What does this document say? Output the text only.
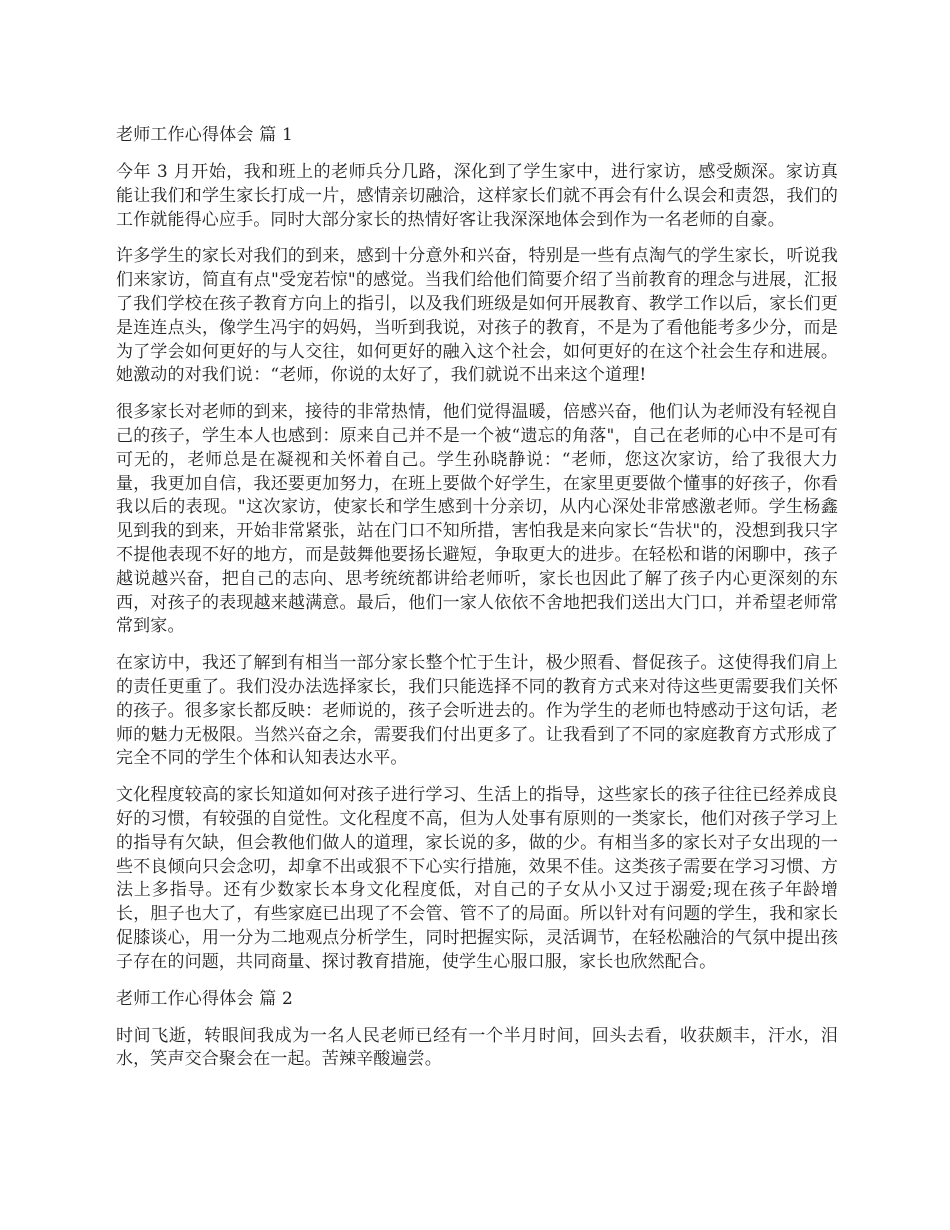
老师工作心得体会 篇 1

今年 3 月开始，我和班上的老师兵分几路，深化到了学生家中，进行家访，感受颇深。家访真能让我们和学生家长打成一片，感情亲切融洽，这样家长们就不再会有什么误会和责怨，我们的工作就能得心应手。同时大部分家长的热情好客让我深深地体会到作为一名老师的自豪。

许多学生的家长对我们的到来，感到十分意外和兴奋，特别是一些有点淘气的学生家长，听说我们来家访，简直有点"受宠若惊"的感觉。当我们给他们简要介绍了当前教育的理念与进展，汇报了我们学校在孩子教育方向上的指引，以及我们班级是如何开展教育、教学工作以后，家长们更是连连点头，像学生冯宇的妈妈，当听到我说，对孩子的教育，不是为了看他能考多少分，而是为了学会如何更好的与人交往，如何更好的融入这个社会，如何更好的在这个社会生存和进展。她激动的对我们说：“老师，你说的太好了，我们就说不出来这个道理!

很多家长对老师的到来，接待的非常热情，他们觉得温暖，倍感兴奋，他们认为老师没有轻视自己的孩子，学生本人也感到：原来自己并不是一个被“遗忘的角落"，自己在老师的心中不是可有可无的，老师总是在凝视和关怀着自己。学生孙晓静说：“老师，您这次家访，给了我很大力量，我更加自信，我还要更加努力，在班上要做个好学生，在家里更要做个懂事的好孩子，你看我以后的表现。"这次家访，使家长和学生感到十分亲切，从内心深处非常感激老师。学生杨鑫见到我的到来，开始非常紧张，站在门口不知所措，害怕我是来向家长“告状"的，没想到我只字不提他表现不好的地方，而是鼓舞他要扬长避短，争取更大的进步。在轻松和谐的闲聊中，孩子越说越兴奋，把自己的志向、思考统统都讲给老师听，家长也因此了解了孩子内心更深刻的东西，对孩子的表现越来越满意。最后，他们一家人依依不舍地把我们送出大门口，并希望老师常常到家。

在家访中，我还了解到有相当一部分家长整个忙于生计，极少照看、督促孩子。这使得我们肩上的责任更重了。我们没办法选择家长，我们只能选择不同的教育方式来对待这些更需要我们关怀的孩子。很多家长都反映：老师说的，孩子会听进去的。作为学生的老师也特感动于这句话，老师的魅力无极限。当然兴奋之余，需要我们付出更多了。让我看到了不同的家庭教育方式形成了完全不同的学生个体和认知表达水平。

文化程度较高的家长知道如何对孩子进行学习、生活上的指导，这些家长的孩子往往已经养成良好的习惯，有较强的自觉性。文化程度不高，但为人处事有原则的一类家长，他们对孩子学习上的指导有欠缺，但会教他们做人的道理，家长说的多，做的少。有相当多的家长对子女出现的一些不良倾向只会念叨，却拿不出或狠不下心实行措施，效果不佳。这类孩子需要在学习习惯、方法上多指导。还有少数家长本身文化程度低，对自己的子女从小又过于溺爱;现在孩子年龄增长，胆子也大了，有些家庭已出现了不会管、管不了的局面。所以针对有问题的学生，我和家长促膝谈心，用一分为二地观点分析学生，同时把握实际，灵活调节，在轻松融洽的气氛中提出孩子存在的问题，共同商量、探讨教育措施，使学生心服口服，家长也欣然配合。

老师工作心得体会 篇 2

时间飞逝，转眼间我成为一名人民老师已经有一个半月时间，回头去看，收获颇丰，汗水，泪水，笑声交合聚会在一起。苦辣辛酸遍尝。
